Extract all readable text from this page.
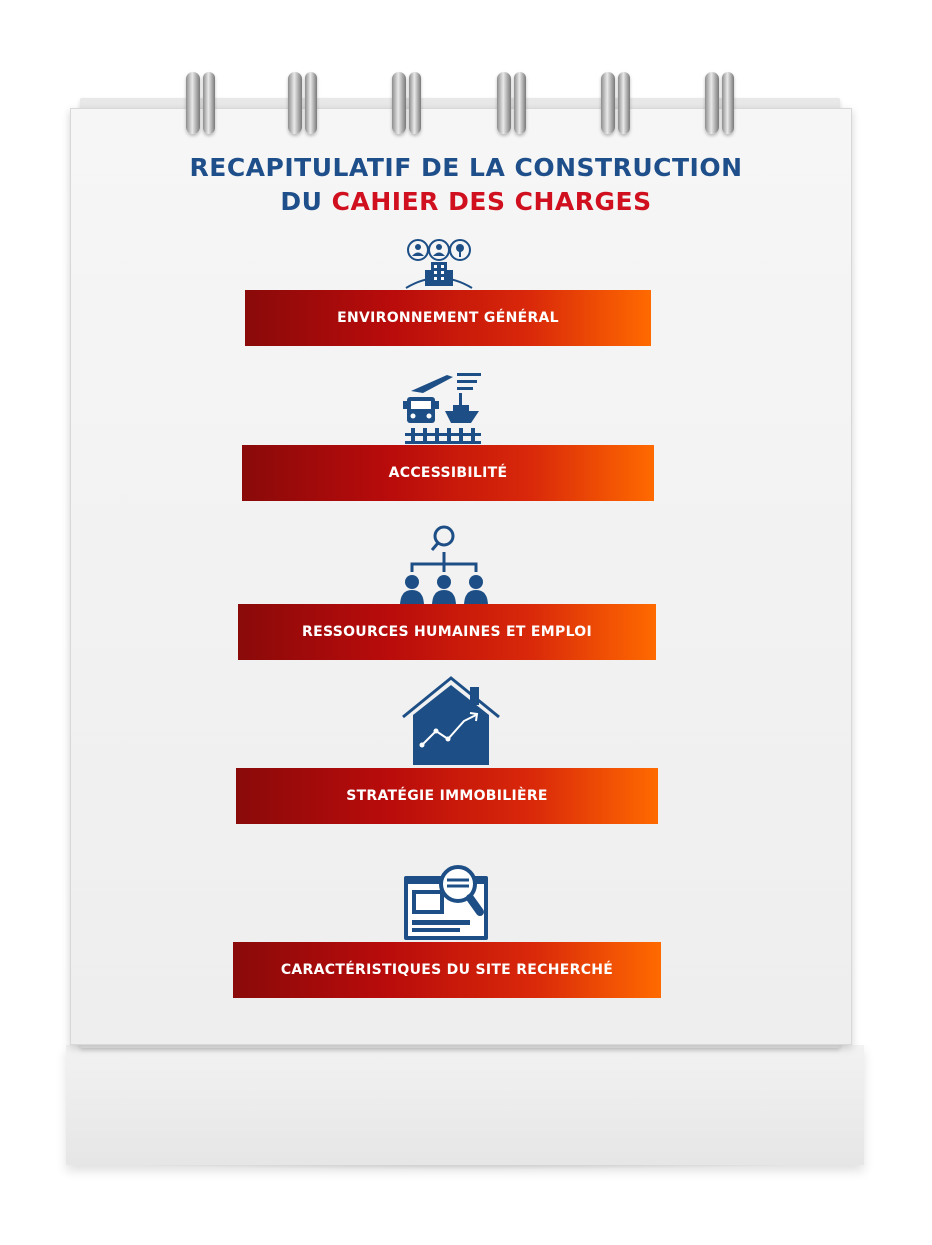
RECAPITULATIF DE LA CONSTRUCTION
DU CAHIER DES CHARGES
ENVIRONNEMENT GÉNÉRAL
ACCESSIBILITÉ
RESSOURCES HUMAINES ET EMPLOI
STRATÉGIE IMMOBILIÈRE
CARACTÉRISTIQUES DU SITE RECHERCHÉ
